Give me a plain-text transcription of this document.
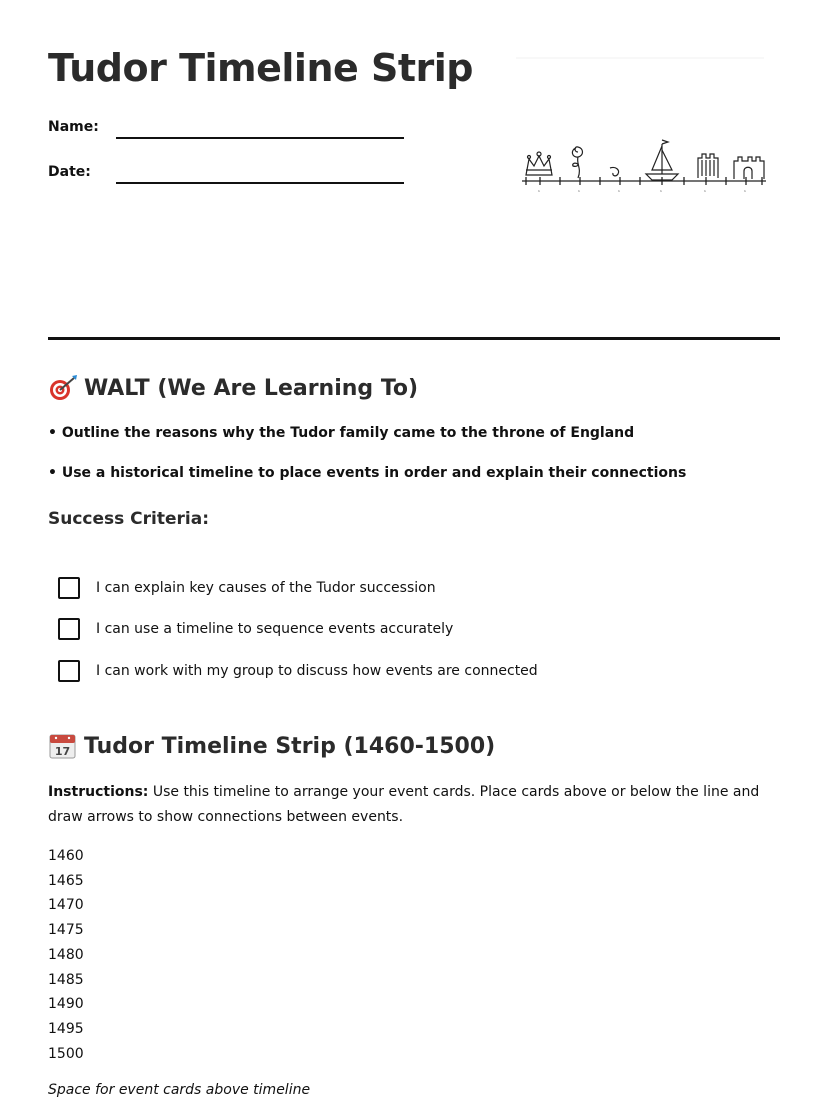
Tudor Timeline Strip
Name:
Date:
1	1	1	1	1	1
WALT (We Are Learning To)
• Outline the reasons why the Tudor family came to the throne of England
• Use a historical timeline to place events in order and explain their connections
Success Criteria:
I can explain key causes of the Tudor succession
I can use a timeline to sequence events accurately
I can work with my group to discuss how events are connected
17 Tudor Timeline Strip (1460-1500)
Instructions: Use this timeline to arrange your event cards. Place cards above or below the line and draw arrows to show connections between events.
1460
1465
1470
1475
1480
1485
1490
1495
1500
Space for event cards above timeline
